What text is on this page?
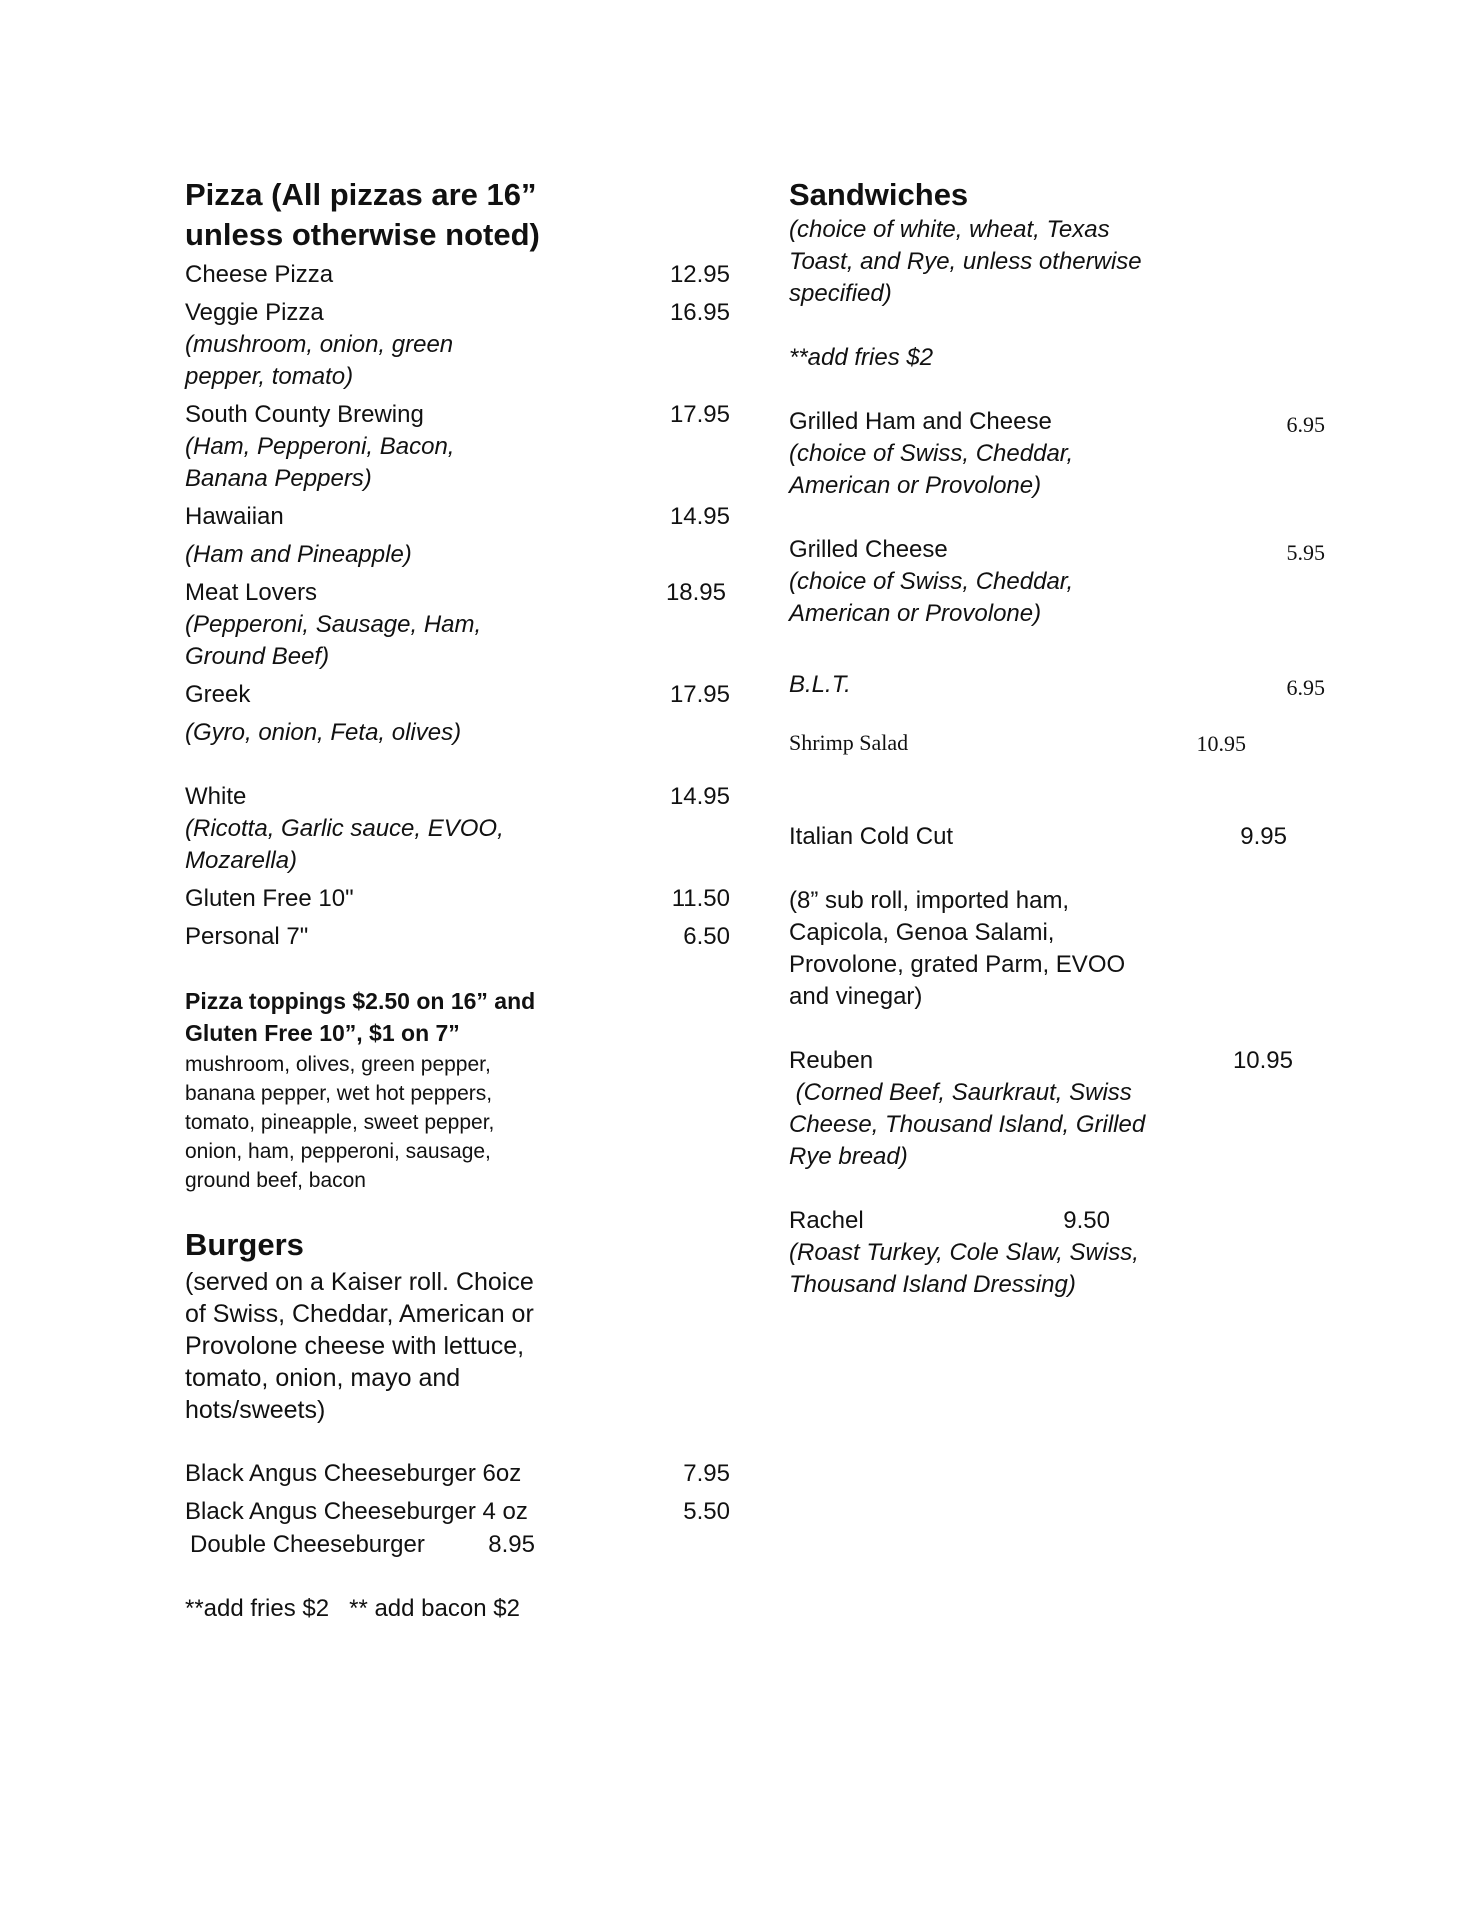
Pizza (All pizzas are 16”
unless otherwise noted)
Cheese Pizza	12.95
Veggie Pizza	16.95
(mushroom, onion, green
pepper, tomato)
South County Brewing	17.95
(Ham, Pepperoni, Bacon,
Banana Peppers)
Hawaiian	14.95
(Ham and Pineapple)
Meat Lovers	18.95
(Pepperoni, Sausage, Ham,
Ground Beef)
Greek	17.95
(Gyro, onion, Feta, olives)
White	14.95
(Ricotta, Garlic sauce, EVOO,
Mozarella)
Gluten Free 10"	11.50
Personal 7"	6.50
Pizza toppings $2.50 on 16” and
Gluten Free 10”, $1 on 7”
mushroom, olives, green pepper,
banana pepper, wet hot peppers,
tomato, pineapple, sweet pepper,
onion, ham, pepperoni, sausage,
ground beef, bacon
Burgers
(served on a Kaiser roll. Choice
of Swiss, Cheddar, American or
Provolone cheese with lettuce,
tomato, onion, mayo and
hots/sweets)
Black Angus Cheeseburger 6oz	7.95
Black Angus Cheeseburger 4 oz	5.50
Double Cheeseburger	8.95
**add fries $2   ** add bacon $2
Sandwiches
(choice of white, wheat, Texas
Toast, and Rye, unless otherwise
specified)
**add fries $2
Grilled Ham and Cheese	6.95
(choice of Swiss, Cheddar,
American or Provolone)
Grilled Cheese	5.95
(choice of Swiss, Cheddar,
American or Provolone)
B.L.T.	6.95
Shrimp Salad	10.95
Italian Cold Cut	9.95
(8” sub roll, imported ham,
Capicola, Genoa Salami,
Provolone, grated Parm, EVOO
and vinegar)
Reuben	10.95
(Corned Beef, Saurkraut, Swiss
Cheese, Thousand Island, Grilled
Rye bread)
Rachel	9.50
(Roast Turkey, Cole Slaw, Swiss,
Thousand Island Dressing)
